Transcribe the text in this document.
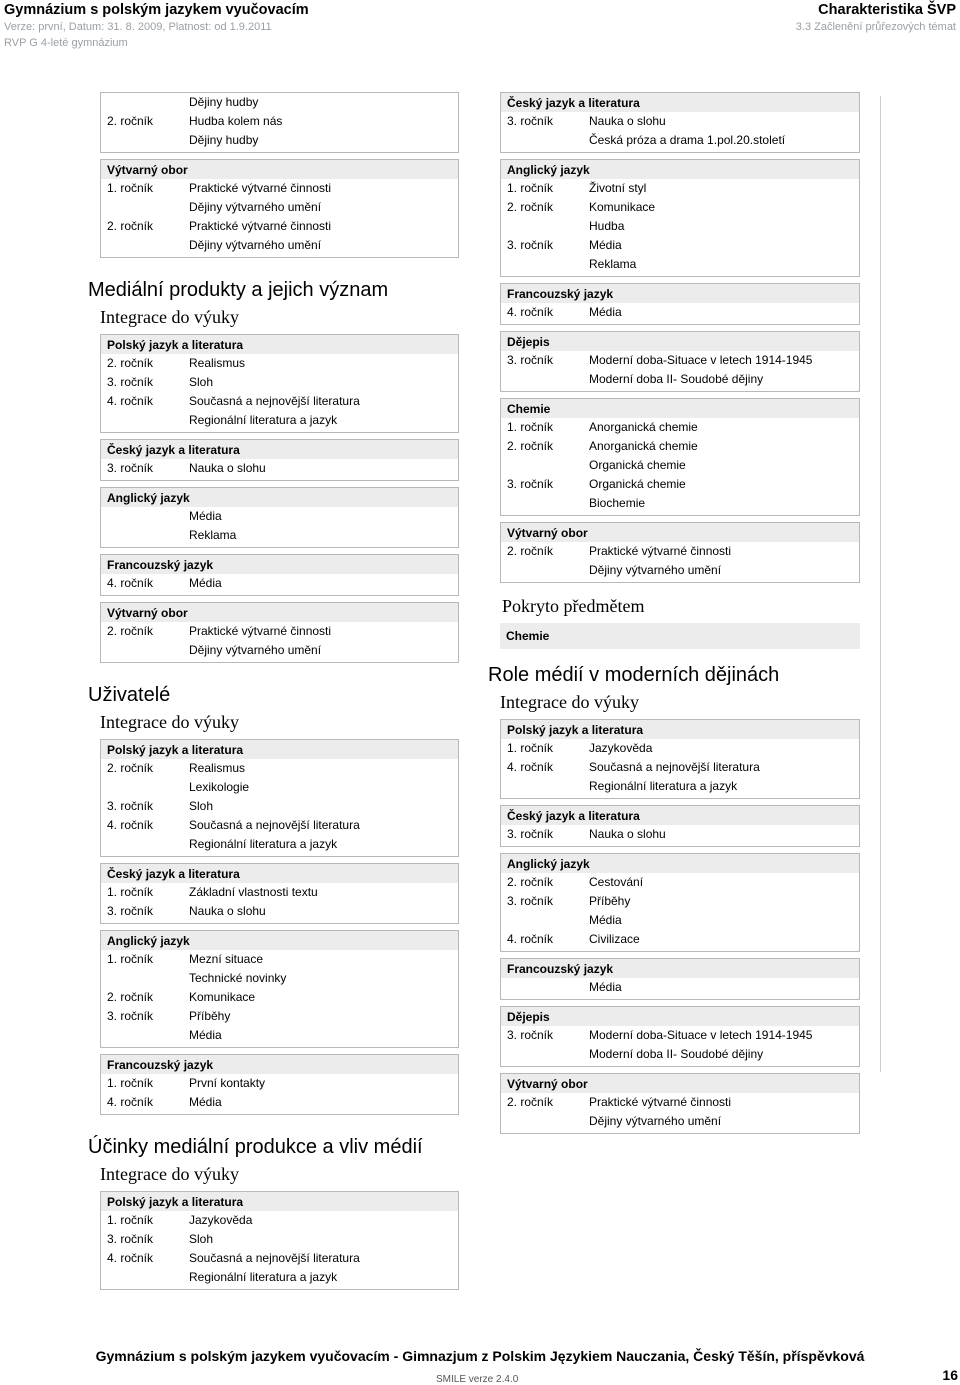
Gymnázium s polským jazykem vyučovacím
Verze: první, Datum: 31. 8. 2009, Platnost: od 1.9.2011
RVP G 4-leté gymnázium
Charakteristika ŠVP
3.3 Začlenění průřezových témat
Dějiny hudby
2. ročník	Hudba kolem nás
Dějiny hudby
Výtvarný obor
1. ročník	Praktické výtvarné činnosti
Dějiny výtvarného umění
2. ročník	Praktické výtvarné činnosti
Dějiny výtvarného umění
Mediální produkty a jejich význam
Integrace do výuky
Polský jazyk a literatura
2. ročník	Realismus
3. ročník	Sloh
4. ročník	Současná a nejnovější literatura
Regionální literatura a jazyk
Český jazyk a literatura
3. ročník	Nauka o slohu
Anglický jazyk
Média
Reklama
Francouzský jazyk
4. ročník	Média
Výtvarný obor
2. ročník	Praktické výtvarné činnosti
Dějiny výtvarného umění
Uživatelé
Integrace do výuky
Polský jazyk a literatura
2. ročník	Realismus
Lexikologie
3. ročník	Sloh
4. ročník	Současná a nejnovější literatura
Regionální literatura a jazyk
Český jazyk a literatura
1. ročník	Základní vlastnosti textu
3. ročník	Nauka o slohu
Anglický jazyk
1. ročník	Mezní situace
Technické novinky
2. ročník	Komunikace
3. ročník	Příběhy
Média
Francouzský jazyk
1. ročník	První kontakty
4. ročník	Média
Účinky mediální produkce a vliv médií
Integrace do výuky
Polský jazyk a literatura
1. ročník	Jazykověda
3. ročník	Sloh
4. ročník	Současná a nejnovější literatura
Regionální literatura a jazyk
Český jazyk a literatura
3. ročník	Nauka o slohu
Česká próza a drama 1.pol.20.století
Anglický jazyk
1. ročník	Životní styl
2. ročník	Komunikace
Hudba
3. ročník	Média
Reklama
Francouzský jazyk
4. ročník	Média
Dějepis
3. ročník	Moderní doba-Situace v letech 1914-1945
Moderní doba II- Soudobé dějiny
Chemie
1. ročník	Anorganická chemie
2. ročník	Anorganická chemie
Organická chemie
3. ročník	Organická chemie
Biochemie
Výtvarný obor
2. ročník	Praktické výtvarné činnosti
Dějiny výtvarného umění
Pokryto předmětem
Chemie
Role médií v moderních dějinách
Integrace do výuky
Polský jazyk a literatura
1. ročník	Jazykověda
4. ročník	Současná a nejnovější literatura
Regionální literatura a jazyk
Český jazyk a literatura
3. ročník	Nauka o slohu
Anglický jazyk
2. ročník	Cestování
3. ročník	Příběhy
Média
4. ročník	Civilizace
Francouzský jazyk
Média
Dějepis
3. ročník	Moderní doba-Situace v letech 1914-1945
Moderní doba II- Soudobé dějiny
Výtvarný obor
2. ročník	Praktické výtvarné činnosti
Dějiny výtvarného umění
Gymnázium s polským jazykem vyučovacím - Gimnazjum z Polskim Językiem Nauczania, Český Těšín, příspěvková
SMILE verze 2.4.0	16
